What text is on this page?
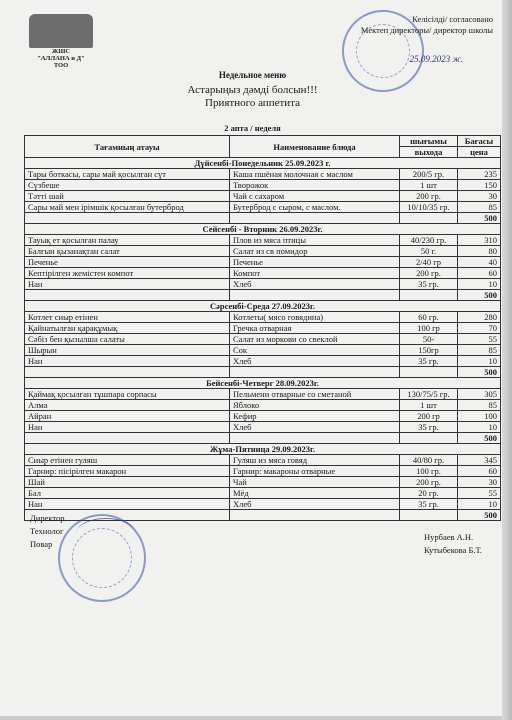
ЖШС
"АЛЛАНА и Д"
ТОО
Келісілді/ согласовано
Мектеп директоры/ директор школы
25.09.2023 ж.
Недельное меню
Астарыңыз дәмді болсын!!!
Приятного аппетита
2 апта / неделя
Тағамның атауы	Наименование блюда	шығымы	Бағасы
		выхода	цена
Дүйсенбі-Понедельник 25.09.2023 г.			
Тары боткасы, сары май қосылған сүт	Каша пшёная молочная с маслом	200/5 гр.	235
Сүзбеше	Творожок	1 шт	150
Тәтті шай	Чай с сахаром	200 гр.	30
Сары май мен ірімшік қосылған бутерброд	Бутерброд с сыром, с маслом.	10/10/35 гр.	85
			500
Сейсенбі - Вторник 26.09.2023г.			
Тауық ет қосылған палау	Плов из мяса птицы	40/230 гр.	310
Балғын қызанақтан салат	Салат из св помидор	50 г.	80
Печенье	Печенье	2/40 гр	40
Кептірілген жемістен компот	Компот	200 гр.	60
Нан	Хлеб	35 гр.	10
			500
Сәрсенбі-Среда 27.09.2023г.			
Котлет сиыр етінен	Котлеты( мясо говядина)	60 гр.	280
Қайнатылған қарақұмық	Гречка отварная	100 гр	70
Сәбіз бен қызылша салаты	Салат из моркови со свеклой	50-	55
Шырын	Сок	150гр	85
Нан	Хлеб	35 гр.	10
			500
Бейсенбі-Четверг 28.09.2023г.			
Қаймақ қосылған тұшпара сорпасы	Пельмени отварные со сметаной	130/75/5 гр.	305
Алма	Яблоко	1 шт	85
Айран	Кефир	200 гр	100
Нан	Хлеб	35 гр.	10
			500
Жұма-Пятница 29.09.2023г.			
Сиыр етінен гуляш	Гуляш из мяса говяд	40/80 гр.	345
Гарнир: пісірілген макарон	Гарнир: макароны отварные	100 гр.	60
Шай	Чай	200 гр.	30
Бал	Мёд	20 гр.	55
Нан	Хлеб	35 гр.	10
			500
Директор
Технолог
Повар
Нурбаев А.Н.
Кутыбекова Б.Т.
